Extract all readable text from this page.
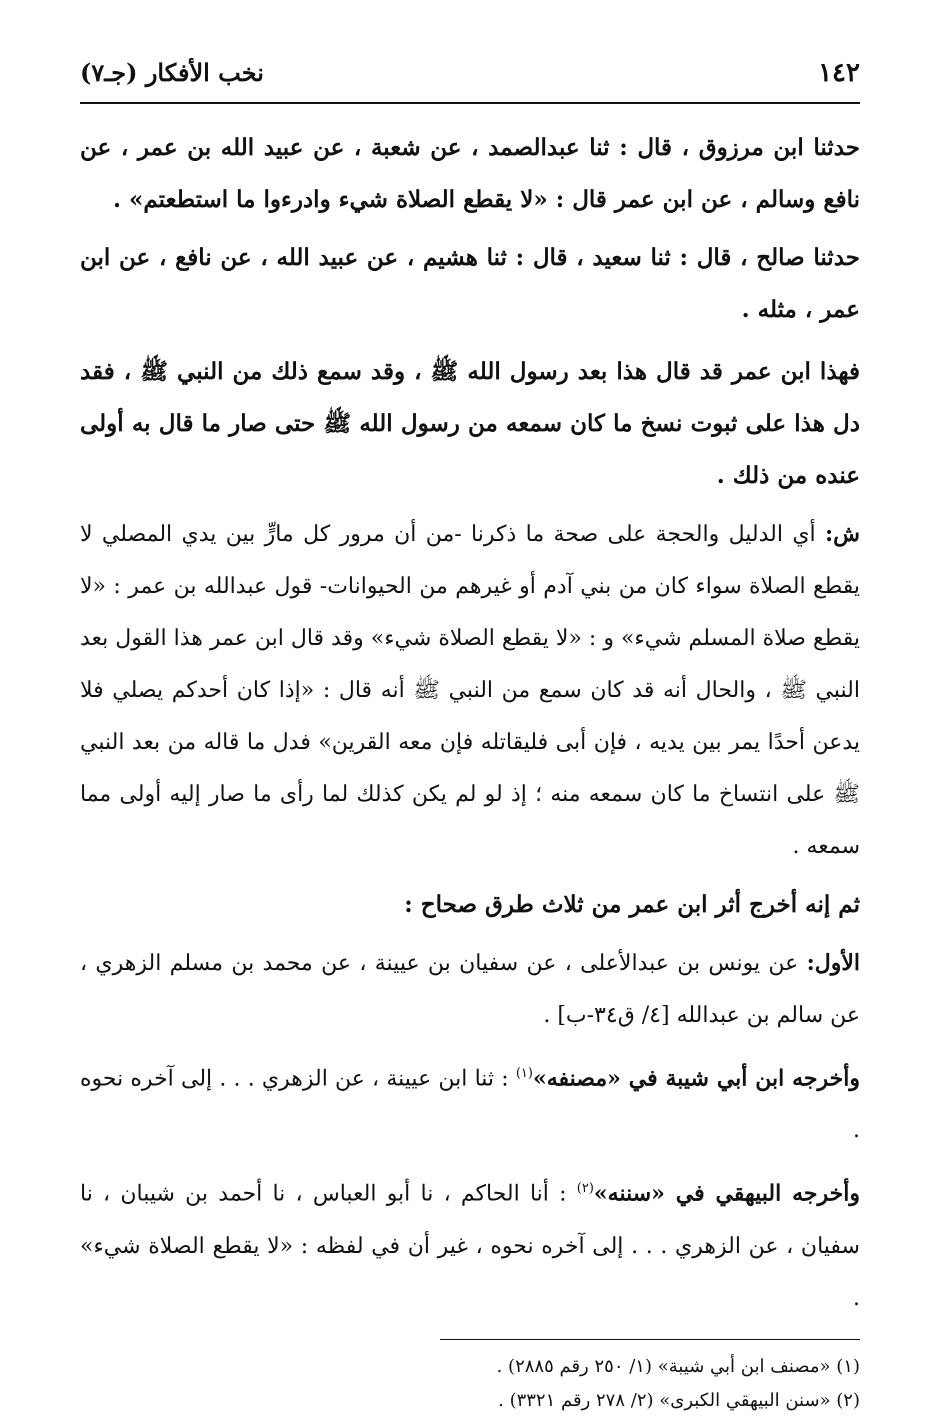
١٤٢
نخب الأفكار (جـ٧)

حدثنا ابن مرزوق ، قال : ثنا عبدالصمد ، عن شعبة ، عن عبيد الله بن عمر ، عن نافع وسالم ، عن ابن عمر قال : «لا يقطع الصلاة شيء وادرءوا ما استطعتم» .

حدثنا صالح ، قال : ثنا سعيد ، قال : ثنا هشيم ، عن عبيد الله ، عن نافع ، عن ابن عمر ، مثله .

فهذا ابن عمر قد قال هذا بعد رسول الله ﷺ ، وقد سمع ذلك من النبي ﷺ ، فقد دل هذا على ثبوت نسخ ما كان سمعه من رسول الله ﷺ حتى صار ما قال به أولى عنده من ذلك .

ش: أي الدليل والحجة على صحة ما ذكرنا -من أن مرور كل مارٍّ بين يدي المصلي لا يقطع الصلاة سواء كان من بني آدم أو غيرهم من الحيوانات- قول عبدالله بن عمر : «لا يقطع صلاة المسلم شيء» و : «لا يقطع الصلاة شيء» وقد قال ابن عمر هذا القول بعد النبي ﷺ ، والحال أنه قد كان سمع من النبي ﷺ أنه قال : «إذا كان أحدكم يصلي فلا يدعن أحدًا يمر بين يديه ، فإن أبى فليقاتله فإن معه القرين» فدل ما قاله من بعد النبي ﷺ على انتساخ ما كان سمعه منه ؛ إذ لو لم يكن كذلك لما رأى ما صار إليه أولى مما سمعه .

ثم إنه أخرج أثر ابن عمر من ثلاث طرق صحاح :

الأول: عن يونس بن عبدالأعلى ، عن سفيان بن عيينة ، عن محمد بن مسلم الزهري ، عن سالم بن عبدالله [٤/ ق٣٤-ب] .

وأخرجه ابن أبي شيبة في «مصنفه»$^{(١)}$ : ثنا ابن عيينة ، عن الزهري . . . إلى آخره نحوه .

وأخرجه البيهقي في «سننه»$^{(٢)}$ : أنا الحاكم ، نا أبو العباس ، نا أحمد بن شيبان ، نا سفيان ، عن الزهري . . . إلى آخره نحوه ، غير أن في لفظه : «لا يقطع الصلاة شيء» .

(١) «مصنف ابن أبي شيبة» (١/ ٢٥٠ رقم ٢٨٨٥) .

(٢) «سنن البيهقي الكبرى» (٢/ ٢٧٨ رقم ٣٣٢١) .
